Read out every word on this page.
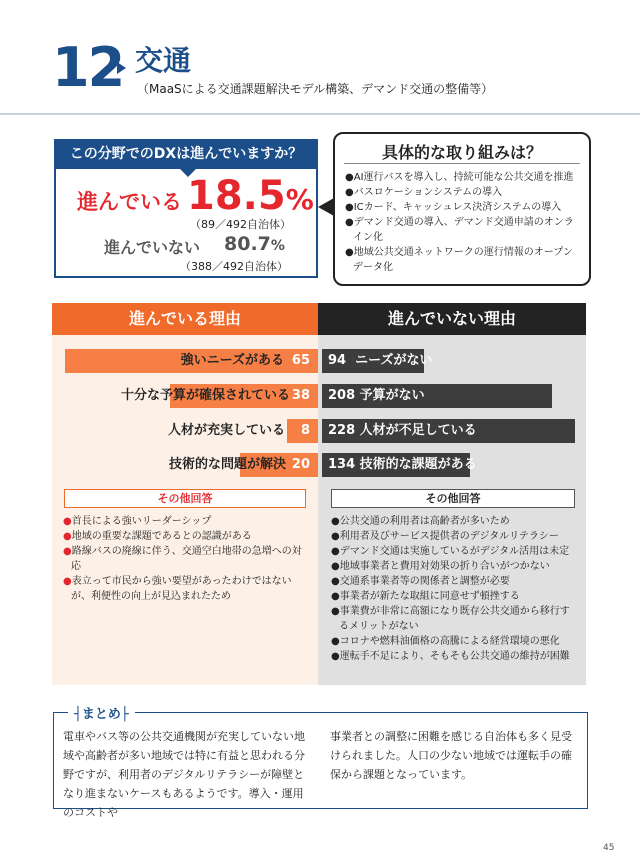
12 交通
（MaaSによる交通課題解決モデル構築、デマンド交通の整備等）
この分野でのDXは進んでいますか？
進んでいる 18.5%
（89／492自治体）
進んでいない 80.7%
（388／492自治体）
具体的な取り組みは？
●AI運行バスを導入し、持続可能な公共交通を推進
●バスロケーションシステムの導入
●ICカード、キャッシュレス決済システムの導入
●デマンド交通の導入、デマンド交通申請のオンライン化
●地域公共交通ネットワークの運行情報のオープンデータ化
進んでいる理由	進んでいない理由
強いニーズがある 65
十分な予算が確保されている 38
人材が充実している	8
技術的な問題が解決 20
94 ニーズがない
208 予算がない
228 人材が不足している
134 技術的な課題がある
その他回答	その他回答
●首長による強いリーダーシップ
●地域の重要な課題であるとの認識がある
●路線バスの廃線に伴う、交通空白地帯の急増への対応
●表立って市民から強い要望があったわけではないが、利便性の向上が見込まれたため
●公共交通の利用者は高齢者が多いため
●利用者及びサービス提供者のデジタルリテラシー
●デマンド交通は実施しているがデジタル活用は未定
●地域事業者と費用対効果の折り合いがつかない
●交通系事業者等の関係者と調整が必要
●事業者が新たな取組に同意せず頓挫する
●事業費が非常に高額になり既存公共交通から移行するメリットがない
●コロナや燃料油価格の高騰による経営環境の悪化
●運転手不足により、そもそも公共交通の維持が困難
┤まとめ├
電車やバス等の公共交通機関が充実していない地域や高齢者が多い地域では特に有益と思われる分野ですが、利用者のデジタルリテラシーが障壁となり進まないケースもあるようです。導入・運用のコストや
事業者との調整に困難を感じる自治体も多く見受けられました。人口の少ない地域では運転手の確保から課題となっています。
45
